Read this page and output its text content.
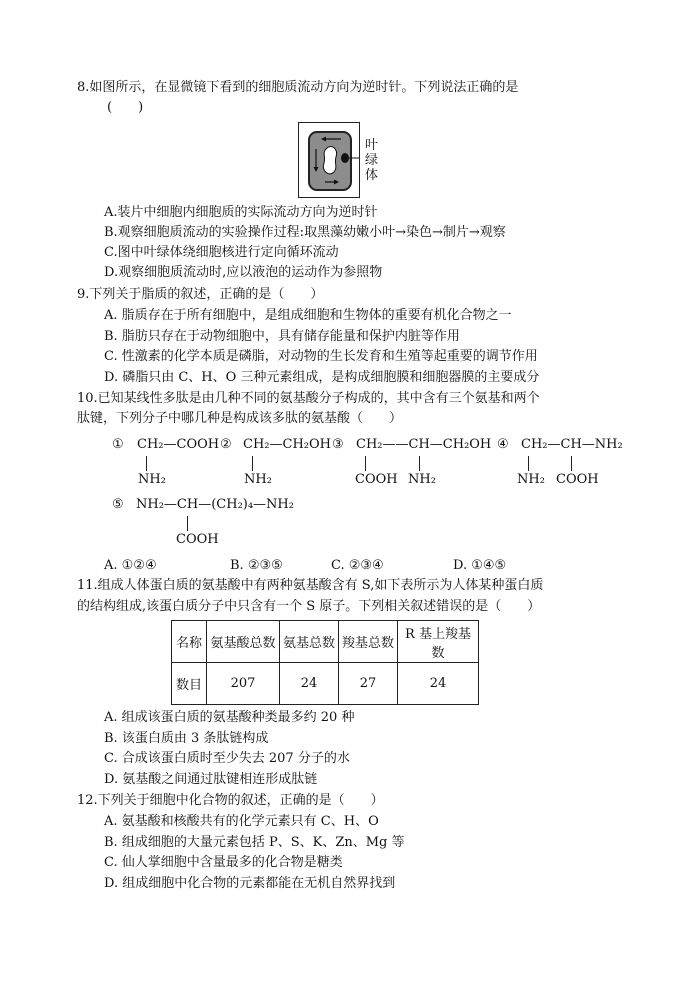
8.如图所示，在显微镜下看到的细胞质流动方向为逆时针。下列说法正确的是
(　　)
叶
绿
体
A.装片中细胞内细胞质的实际流动方向为逆时针
B.观察细胞质流动的实验操作过程:取黑藻幼嫩小叶→染色→制片→观察
C.图中叶绿体绕细胞核进行定向循环流动
D.观察细胞质流动时,应以液泡的运动作为参照物
9.下列关于脂质的叙述，正确的是（　　）
A. 脂质存在于所有细胞中，是组成细胞和生物体的重要有机化合物之一
B. 脂肪只存在于动物细胞中，具有储存能量和保护内脏等作用
C. 性激素的化学本质是磷脂，对动物的生长发育和生殖等起重要的调节作用
D. 磷脂只由 C、H、O 三种元素组成，是构成细胞膜和细胞器膜的主要成分
10.已知某线性多肽是由几种不同的氨基酸分子构成的，其中含有三个氨基和两个
肽键，下列分子中哪几种是构成该多肽的氨基酸（　　）
① CH₂—COOH
NH₂
② CH₂—CH₂OH
NH₂
③ CH₂——CH—CH₂OH
COOH NH₂
④ CH₂—CH—NH₂
NH₂ COOH
⑤ NH₂—CH—(CH₂)₄—NH₂
COOH
A. ①②④	B. ②③⑤	C. ②③④	D. ①④⑤
11.组成人体蛋白质的氨基酸中有两种氨基酸含有 S,如下表所示为人体某种蛋白质
的结构组成,该蛋白质分子中只含有一个 S 原子。下列相关叙述错误的是（　　）
名称	氨基酸总数	氨基总数	羧基总数	R 基上羧基数
数目	207	24	27	24
A. 组成该蛋白质的氨基酸种类最多约 20 种
B. 该蛋白质由 3 条肽链构成
C. 合成该蛋白质时至少失去 207 分子的水
D. 氨基酸之间通过肽键相连形成肽链
12.下列关于细胞中化合物的叙述，正确的是（　　）
A. 氨基酸和核酸共有的化学元素只有 C、H、O
B. 组成细胞的大量元素包括 P、S、K、Zn、Mg 等
C. 仙人掌细胞中含量最多的化合物是糖类
D. 组成细胞中化合物的元素都能在无机自然界找到
